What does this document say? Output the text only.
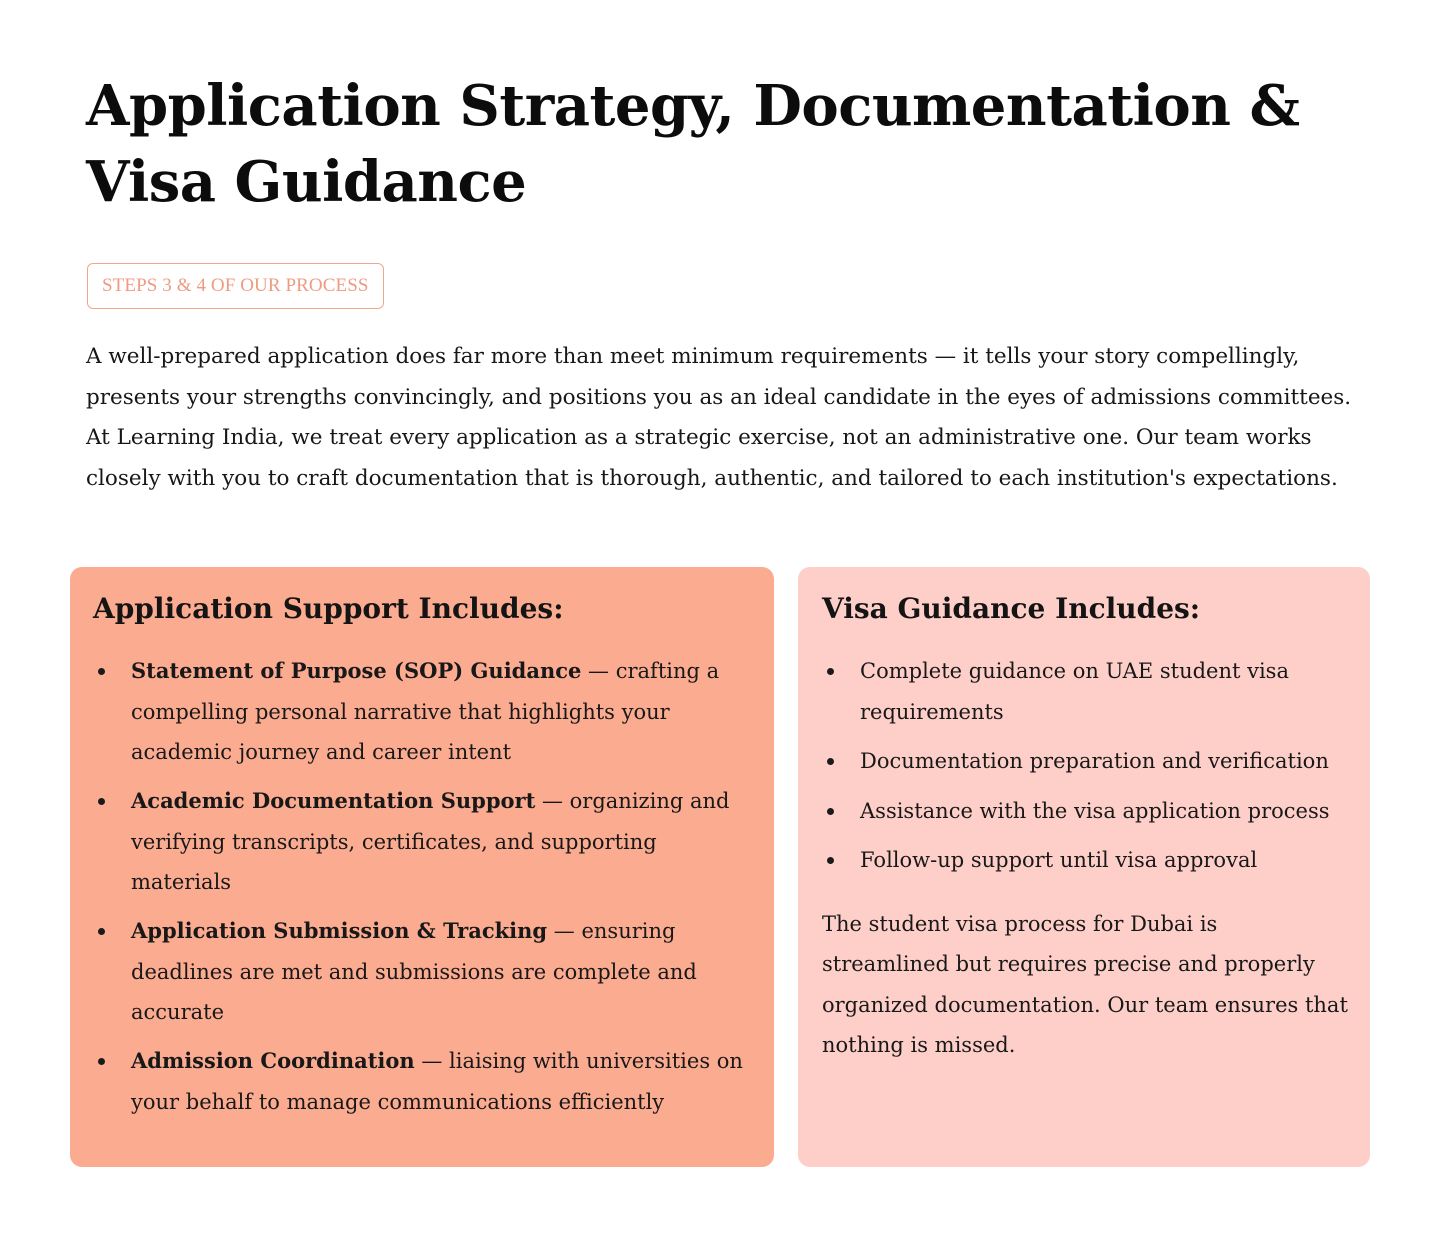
Application Strategy, Documentation & Visa Guidance
STEPS 3 & 4 OF OUR PROCESS

A well-prepared application does far more than meet minimum requirements — it tells your story compellingly, presents your strengths convincingly, and positions you as an ideal candidate in the eyes of admissions committees. At Learning India, we treat every application as a strategic exercise, not an administrative one. Our team works closely with you to craft documentation that is thorough, authentic, and tailored to each institution's expectations.

Application Support Includes:
Statement of Purpose (SOP) Guidance — crafting a compelling personal narrative that highlights your academic journey and career intent
Academic Documentation Support — organizing and verifying transcripts, certificates, and supporting materials
Application Submission & Tracking — ensuring deadlines are met and submissions are complete and accurate
Admission Coordination — liaising with universities on your behalf to manage communications efficiently
Visa Guidance Includes:
Complete guidance on UAE student visa requirements
Documentation preparation and verification
Assistance with the visa application process
Follow-up support until visa approval

The student visa process for Dubai is streamlined but requires precise and properly organized documentation. Our team ensures that nothing is missed.
